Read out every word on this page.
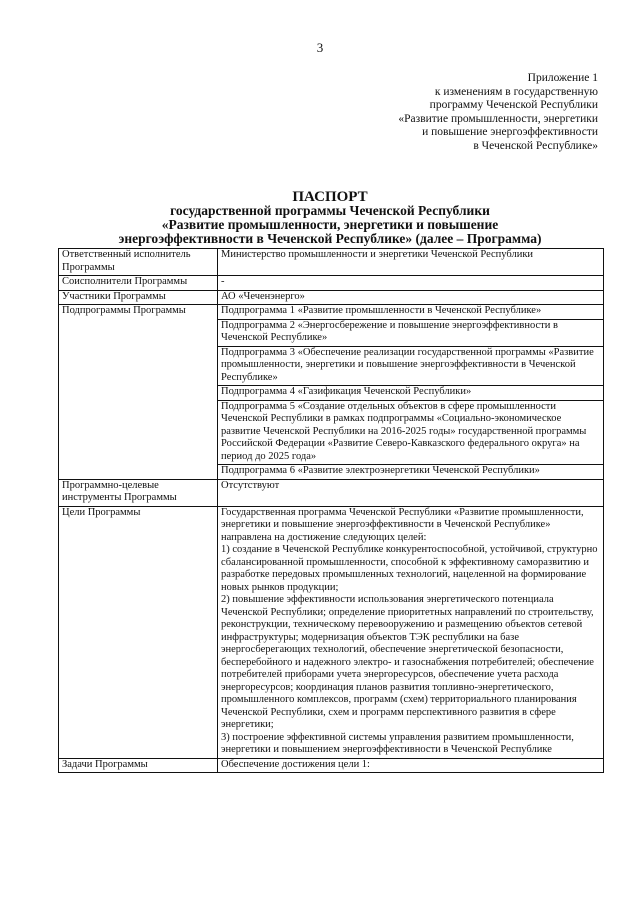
3
Приложение 1
к изменениям в государственную
программу Чеченской Республики
«Развитие промышленности, энергетики
и повышение энергоэффективности
в Чеченской Республике»
ПАСПОРТ
государственной программы Чеченской Республики
«Развитие промышленности, энергетики и повышение
энергоэффективности в Чеченской Республике» (далее – Программа)
Ответственный исполнитель Программы	Министерство промышленности и энергетики Чеченской Республики
Соисполнители Программы	-
Участники Программы	АО «Чеченэнерго»
Подпрограммы Программы	Подпрограмма 1 «Развитие промышленности в Чеченской Республике»
	Подпрограмма 2 «Энергосбережение и повышение энергоэффективности в Чеченской Республике»
	Подпрограмма 3 «Обеспечение реализации государственной программы «Развитие промышленности, энергетики и повышение энергоэффективности в Чеченской Республике»
	Подпрограмма 4 «Газификация Чеченской Республики»
	Подпрограмма 5 «Создание отдельных объектов в сфере промышленности Чеченской Республики в рамках подпрограммы «Социально-экономическое развитие Чеченской Республики на 2016-2025 годы» государственной программы Российской Федерации «Развитие Северо-Кавказского федерального округа» на период до 2025 года»
	Подпрограмма 6 «Развитие электроэнергетики Чеченской Республики»
Программно-целевые инструменты Программы	Отсутствуют
Цели Программы	Государственная программа Чеченской Республики «Развитие промышленности, энергетики и повышение энергоэффективности в Чеченской Республике» направлена на достижение следующих целей:
1) создание в Чеченской Республике конкурентоспособной, устойчивой, структурно сбалансированной промышленности, способной к эффективному саморазвитию и разработке передовых промышленных технологий, нацеленной на формирование новых рынков продукции;
2) повышение эффективности использования энергетического потенциала Чеченской Республики; определение приоритетных направлений по строительству, реконструкции, техническому перевооружению и размещению объектов сетевой инфраструктуры; модернизация объектов ТЭК республики на базе энергосберегающих технологий, обеспечение энергетической безопасности, бесперебойного и надежного электро- и газоснабжения потребителей; обеспечение потребителей приборами учета энергоресурсов, обеспечение учета расхода энергоресурсов; координация планов развития топливно-энергетического, промышленного комплексов, программ (схем) территориального планирования Чеченской Республики, схем и программ перспективного развития в сфере энергетики;
3) построение эффективной системы управления развитием промышленности, энергетики и повышением энергоэффективности в Чеченской Республике
Задачи Программы	Обеспечение достижения цели 1:
